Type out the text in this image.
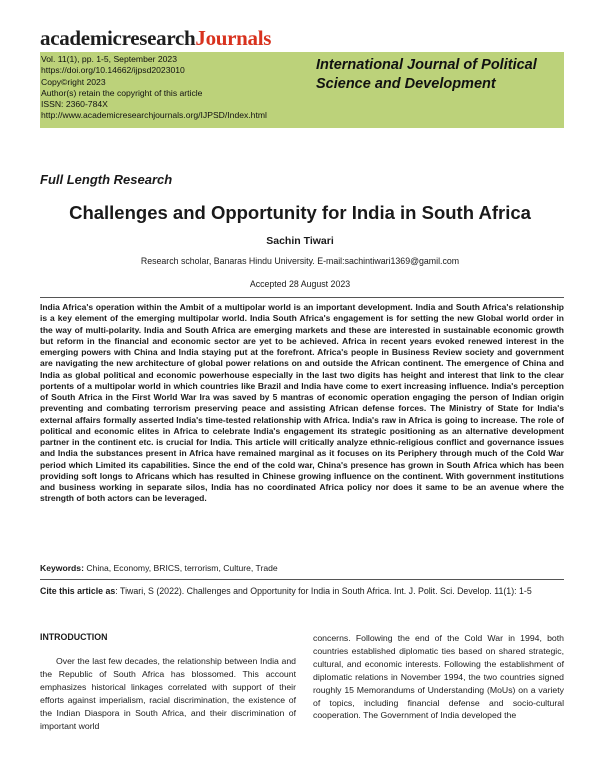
academicresearchJournals
Vol. 11(1), pp. 1-5, September 2023
https://doi.org/10.14662/ijpsd2023010
Copy©right 2023
Author(s) retain the copyright of this article
ISSN: 2360-784X
http://www.academicresearchjournals.org/IJPSD/Index.html
International Journal of Political Science and Development
Full Length Research
Challenges and Opportunity for India in South Africa
Sachin Tiwari
Research scholar, Banaras Hindu University. E-mail:sachintiwari1369@gamil.com
Accepted 28 August 2023
India Africa's operation within the Ambit of a multipolar world is an important development. India and South Africa's relationship is a key element of the emerging multipolar world. India South Africa's engagement is for setting the new Global world order in the way of multi-polarity. India and South Africa are emerging markets and these are interested in sustainable economic growth but reform in the financial and economic sector are yet to be achieved. Africa in recent years evoked renewed interest in the emerging powers with China and India staying put at the forefront. Africa's people in Business Review society and government are navigating the new architecture of global power relations on and outside the African continent. The emergence of China and India as global political and economic powerhouse especially in the last two digits has height and interest that link to the clear portents of a multipolar world in which countries like Brazil and India have come to exert increasing influence. India's perception of South Africa in the First World War Ira was saved by 5 mantras of economic operation engaging the person of Indian origin preventing and combating terrorism preserving peace and assisting African defense forces. The Ministry of State for India's external affairs formally asserted India's time-tested relationship with Africa. India's raw in Africa is going to increase. The role of political and economic elites in Africa to celebrate India's engagement its strategic positioning as an alternative development partner in the continent etc. is crucial for India. This article will critically analyze ethnic-religious conflict and governance issues and India the substances present in Africa have remained marginal as it focuses on its Periphery through much of the Cold War period which Limited its capabilities. Since the end of the cold war, China's presence has grown in South Africa which has been providing soft longs to Africans which has resulted in Chinese growing influence on the continent. With government institutions and business working in separate silos, India has no coordinated Africa policy nor does it same to be an avenue where the strength of both actors can be leveraged.
Keywords: China, Economy, BRICS, terrorism, Culture, Trade
Cite this article as: Tiwari, S (2022). Challenges and Opportunity for India in South Africa. Int. J. Polit. Sci. Develop. 11(1): 1-5
INTRODUCTION
Over the last few decades, the relationship between India and the Republic of South Africa has blossomed. This account emphasizes historical linkages correlated with support of their efforts against imperialism, racial discrimination, the existence of the Indian Diaspora in South Africa, and their discrimination of important world
concerns. Following the end of the Cold War in 1994, both countries established diplomatic ties based on shared strategic, cultural, and economic interests. Following the establishment of diplomatic relations in November 1994, the two countries signed roughly 15 Memorandums of Understanding (MoUs) on a variety of topics, including financial defense and socio-cultural cooperation. The Government of India developed the
